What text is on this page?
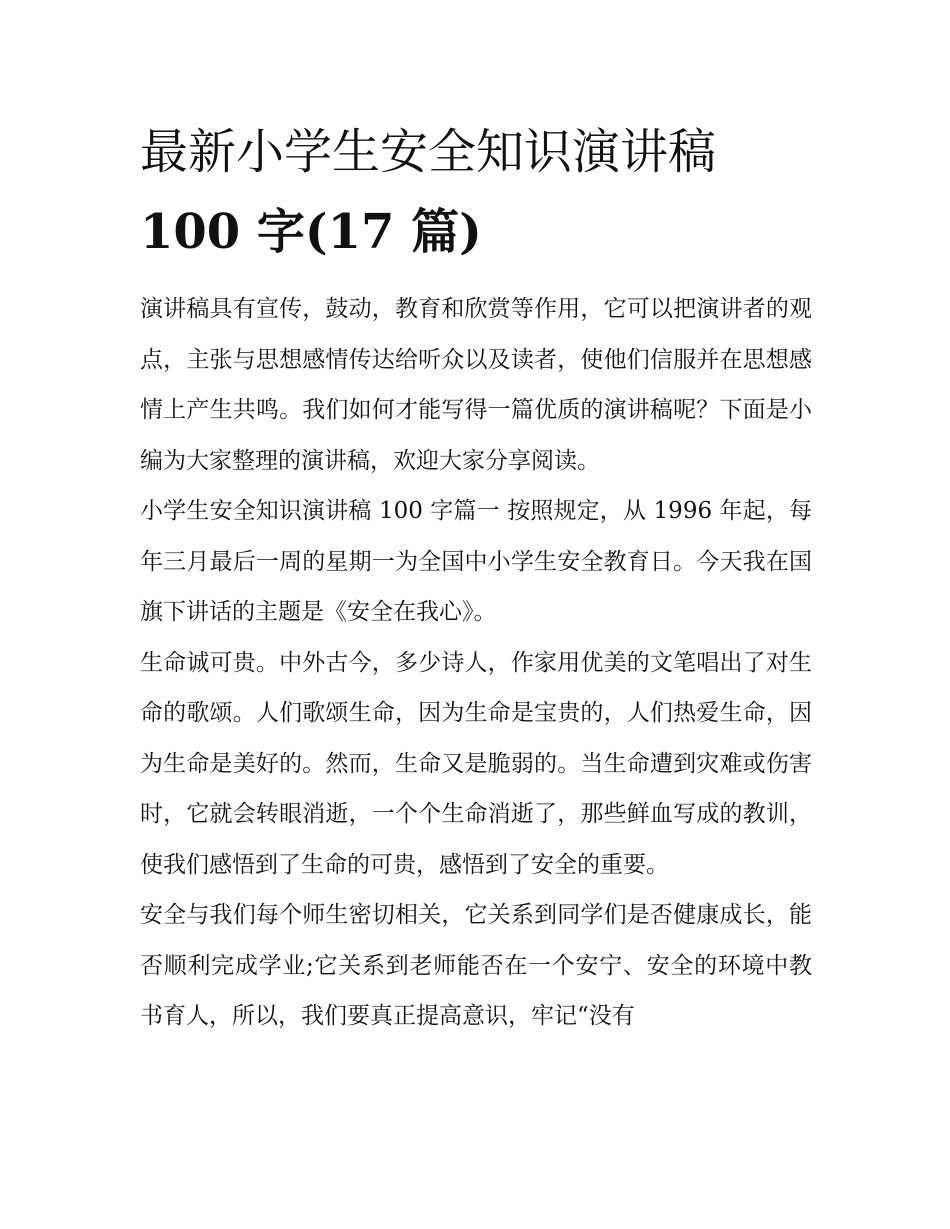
最新小学生安全知识演讲稿
100 字(17 篇)

演讲稿具有宣传，鼓动，教育和欣赏等作用，它可以把演讲者的观点，主张与思想感情传达给听众以及读者，使他们信服并在思想感情上产生共鸣。我们如何才能写得一篇优质的演讲稿呢？下面是小编为大家整理的演讲稿，欢迎大家分享阅读。

小学生安全知识演讲稿 100 字篇一 按照规定，从 1996 年起，每年三月最后一周的星期一为全国中小学生安全教育日。今天我在国旗下讲话的主题是《安全在我心》。

生命诚可贵。中外古今，多少诗人，作家用优美的文笔唱出了对生命的歌颂。人们歌颂生命，因为生命是宝贵的，人们热爱生命，因为生命是美好的。然而，生命又是脆弱的。当生命遭到灾难或伤害时，它就会转眼消逝，一个个生命消逝了，那些鲜血写成的教训，使我们感悟到了生命的可贵，感悟到了安全的重要。

安全与我们每个师生密切相关，它关系到同学们是否健康成长，能否顺利完成学业;它关系到老师能否在一个安宁、安全的环境中教书育人，所以，我们要真正提高意识，牢记“没有
